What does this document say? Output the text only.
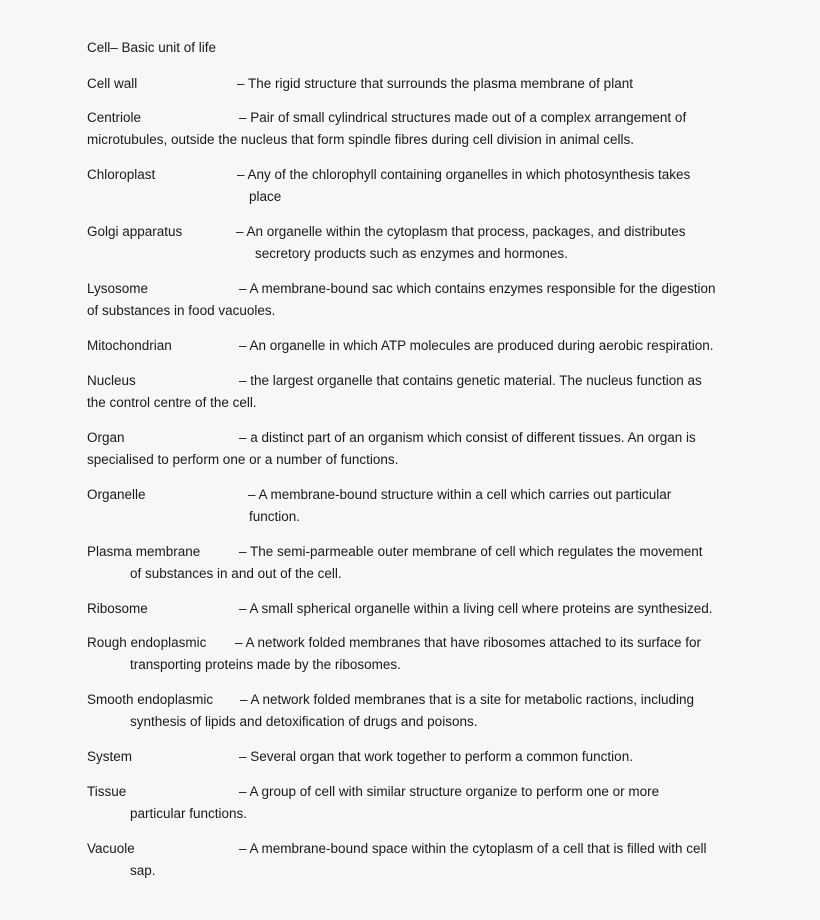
Cell– Basic unit of life
Cell wall	– The rigid structure that surrounds the plasma membrane of plant
Centriole	– Pair of small cylindrical structures made out of a complex arrangement of
microtubules, outside the nucleus that form spindle fibres during cell division in animal cells.
Chloroplast	– Any of the chlorophyll containing organelles in which photosynthesis takes
place
Golgi apparatus	– An organelle within the cytoplasm that process, packages, and distributes
secretory products such as enzymes and hormones.
Lysosome	– A membrane-bound sac which contains enzymes responsible for the digestion
of substances in food vacuoles.
Mitochondrian	– An organelle in which ATP molecules are produced during aerobic respiration.
Nucleus	– the largest organelle that contains genetic material. The nucleus function as
the control centre of the cell.
Organ	– a distinct part of an organism which consist of different tissues. An organ is
specialised to perform one or a number of functions.
Organelle	– A membrane-bound structure within a cell which carries out particular
function.
Plasma membrane	– The semi-parmeable outer membrane of cell which regulates the movement
of substances in and out of the cell.
Ribosome	– A small spherical organelle within a living cell where proteins are synthesized.
Rough endoplasmic – A network folded membranes that have ribosomes attached to its surface for
transporting proteins made by the ribosomes.
Smooth endoplasmic – A network folded membranes that is a site for metabolic ractions, including
synthesis of lipids and detoxification of drugs and poisons.
System	– Several organ that work together to perform a common function.
Tissue	– A group of cell with similar structure organize to perform one or more
particular functions.
Vacuole	– A membrane-bound space within the cytoplasm of a cell that is filled with cell
sap.
